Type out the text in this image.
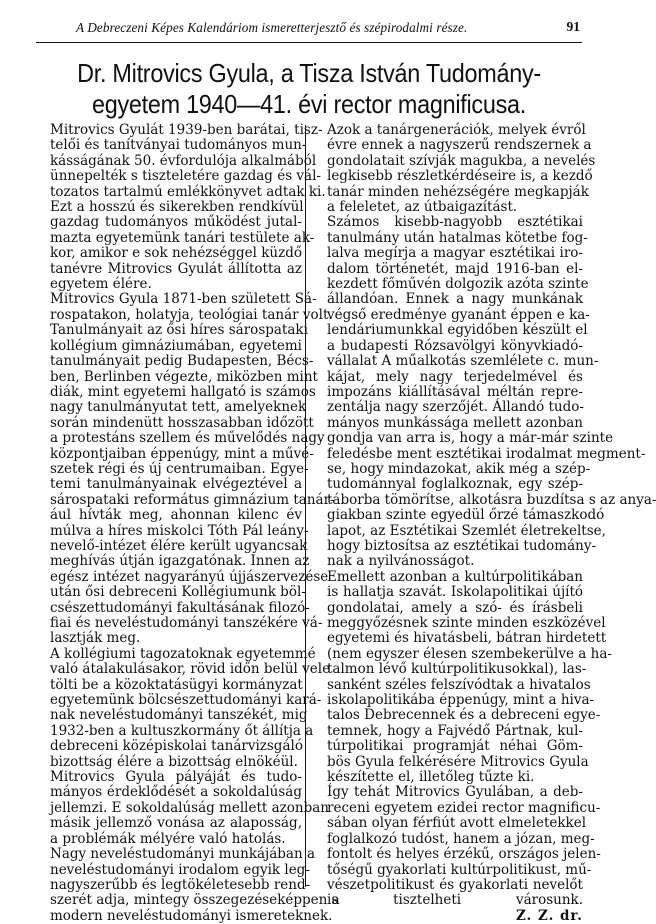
A Debreczeni Képes Kalendáriom ismeretterjesztő és szépirodalmi része.	91
Dr. Mitrovics Gyula, a Tisza István Tudomány-
egyetem 1940—41. évi rector magnificusa.

Mitrovics Gyulát 1939-ben barátai, tisz-
telői és tanítványai tudományos mun-
kásságának 50. évfordulója alkalmából
ünnepelték s tiszteletére gazdag és vál-
tozatos tartalmú emlékkönyvet adtak ki.

Ezt a hosszú és sikerekben rendkívül
gazdag tudományos működést jutal-
mazta egyetemünk tanári testülete ak-
kor, amikor e sok nehézséggel küzdő
tanévre Mitrovics Gyulát állította az
egyetem élére.

Mitrovics Gyula 1871-ben született Sá-
rospatakon, holatyja, teológiai tanár volt.
Tanulmányait az ősi híres sárospataki
kollégium gimnáziumában, egyetemi
tanulmányait pedig Budapesten, Bécs-
ben, Berlinben végezte, miközben mint
diák, mint egyetemi hallgató is számos
nagy tanulmányutat tett, amelyeknek
során mindenütt hosszasabban időzött
a protestáns szellem és művelődés nagy
központjaiban éppenúgy, mint a művé-
szetek régi és új centrumaiban. Egye-
temi tanulmányainak elvégeztével a
sárospataki református gimnázium tanár-
ául hívták meg, ahonnan kilenc év
múlva a híres miskolci Tóth Pál leány-
nevelő-intézet élére került ugyancsak
meghívás útján igazgatónak. Innen az
egész intézet nagyarányú újjászervezése
után ősi debreceni Kollégiumunk böl-
csészettudományi fakultásának filozó-
fiai és neveléstudományi tanszékére vá-
lasztják meg.

A kollégiumi tagozatoknak egyetemmé
való átalakulásakor, rövid időn belül vele
tölti be a közoktatásügyi kormányzat
egyetemünk bölcsészettudományi kará-
nak neveléstudományi tanszékét, mig
1932-ben a kultuszkormány őt állítja a
debreceni középiskolai tanárvizsgáló
bizottság élére a bizottság elnökéül.

Mitrovics Gyula pályáját és tudo-
mányos érdeklődését a sokoldalúság
jellemzi. E sokoldalúság mellett azonban
másik jellemző vonása az alaposság,
a problémák mélyére való hatolás.

Nagy neveléstudományi munkájában a
neveléstudományi irodalom egyik leg-
nagyszerűbb és legtökéletesebb rend-
szerét adja, mintegy összegezéseképpen a
modern neveléstudományi ismereteknek.

Azok a tanárgenerációk, melyek évről
évre ennek a nagyszerű rendszernek a
gondolatait szívják magukba, a nevelés
legkisebb részletkérdéseire is, a kezdő
tanár minden nehézségére megkapják
a feleletet, az útbaigazítást.

Számos kisebb-nagyobb esztétikai
tanulmány után hatalmas kötetbe fog-
lalva megírja a magyar esztétikai iro-
dalom történetét, majd 1916-ban el-
kezdett főművén dolgozik azóta szinte
állandóan. Ennek a nagy munkának
végső eredménye gyanánt éppen e ka-
lendáriumunkkal egyidőben készült el
a budapesti Rózsavölgyi könyvkiadó-
vállalat A műalkotás szemlélete c. mun-
kájat, mely nagy terjedelmével és
impozáns kiállításával méltán repre-
zentálja nagy szerzőjét. Állandó tudo-
mányos munkássága mellett azonban
gondja van arra is, hogy a már-már szinte
feledésbe ment esztétikai irodalmat megment-
se, hogy mindazokat, akik még a szép-
tudománnyal foglalkoznak, egy szép-
táborba tömörítse, alkotásra buzdítsa s az anya-
giakban szinte egyedül őrzé támaszkodó
lapot, az Esztétikai Szemlét életrekeltse,
hogy biztosítsa az esztétikai tudomány-
nak a nyilvánosságot.

Emellett azonban a kultúrpolitikában
is hallatja szavát. Iskolapolitikai újító
gondolatai, amely a szó- és írásbeli
meggyőzésnek szinte minden eszközével
egyetemi és hivatásbeli, bátran hirdetett
(nem egyszer élesen szembekerülve a ha-
talmon lévő kultúrpolitikusokkal), las-
sanként széles felszívódtak a hivatalos
iskolapolitikába éppenúgy, mint a hiva-
talos Debrecennek és a debreceni egye-
temnek, hogy a Fajvédő Pártnak, kul-
túrpolitikai programját néhai Göm-
bös Gyula felkérésére Mitrovics Gyula
készítette el, illetőleg tűzte ki.

Így tehát Mitrovics Gyulában, a deb-
receni egyetem ezidei rector magnificu-
sában olyan férfiút avott elmeletekkel
foglalkozó tudóst, hanem a józan, meg-
fontolt és helyes érzékű, országos jelen-
tőségű gyakorlati kultúrpolitikust, mű-
vészetpolitikust és gyakorlati nevelőt
is tisztelheti városunk.
Z. Z. dr.
